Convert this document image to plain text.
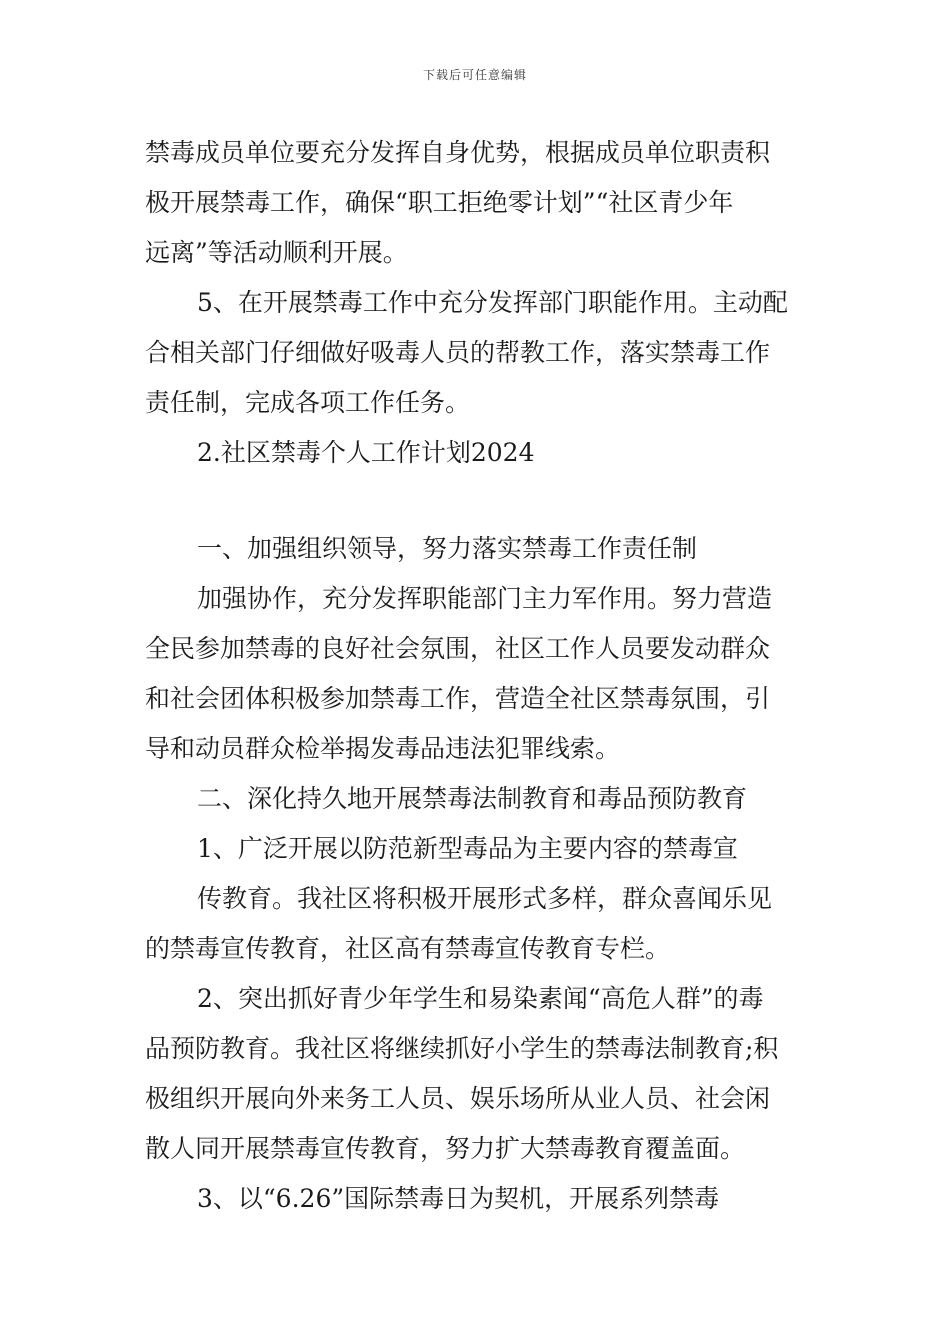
下载后可任意编辑
禁毒成员单位要充分发挥自身优势，根据成员单位职责积
极开展禁毒工作，确保“职工拒绝零计划”“社区青少年
远离”等活动顺利开展。
5、在开展禁毒工作中充分发挥部门职能作用。主动配
合相关部门仔细做好吸毒人员的帮教工作，落实禁毒工作
责任制，完成各项工作任务。
2.社区禁毒个人工作计划2024
一、加强组织领导，努力落实禁毒工作责任制
加强协作，充分发挥职能部门主力军作用。努力营造
全民参加禁毒的良好社会氛围，社区工作人员要发动群众
和社会团体积极参加禁毒工作，营造全社区禁毒氛围，引
导和动员群众检举揭发毒品违法犯罪线索。
二、深化持久地开展禁毒法制教育和毒品预防教育
1、广泛开展以防范新型毒品为主要内容的禁毒宣
传教育。我社区将积极开展形式多样，群众喜闻乐见
的禁毒宣传教育，社区高有禁毒宣传教育专栏。
2、突出抓好青少年学生和易染素闻“高危人群”的毒
品预防教育。我社区将继续抓好小学生的禁毒法制教育;积
极组织开展向外来务工人员、娱乐场所从业人员、社会闲
散人同开展禁毒宣传教育，努力扩大禁毒教育覆盖面。
3、以“6.26”国际禁毒日为契机，开展系列禁毒
